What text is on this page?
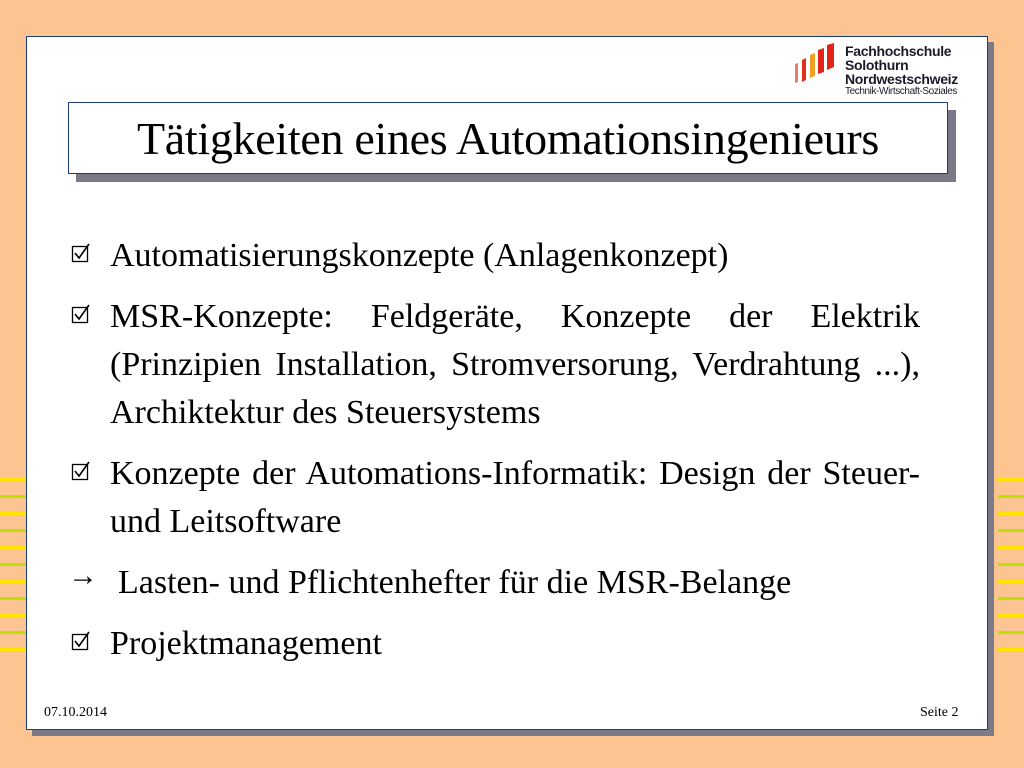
Fachhochschule
Solothurn
Nordwestschweiz
Technik-Wirtschaft-Soziales
Tätigkeiten eines Automationsingenieurs
Automatisierungskonzepte (Anlagenkonzept)
MSR-Konzepte: Feldgeräte, Konzepte der Elektrik (Prinzipien Installation, Stromversorung, Verdrahtung ...), Archiktektur des Steuersystems
Konzepte der Automations-Informatik: Design der Steuer- und Leitsoftware
→ Lasten- und Pflichtenhefter für die MSR-Belange
Projektmanagement
07.10.2014	Seite 2
